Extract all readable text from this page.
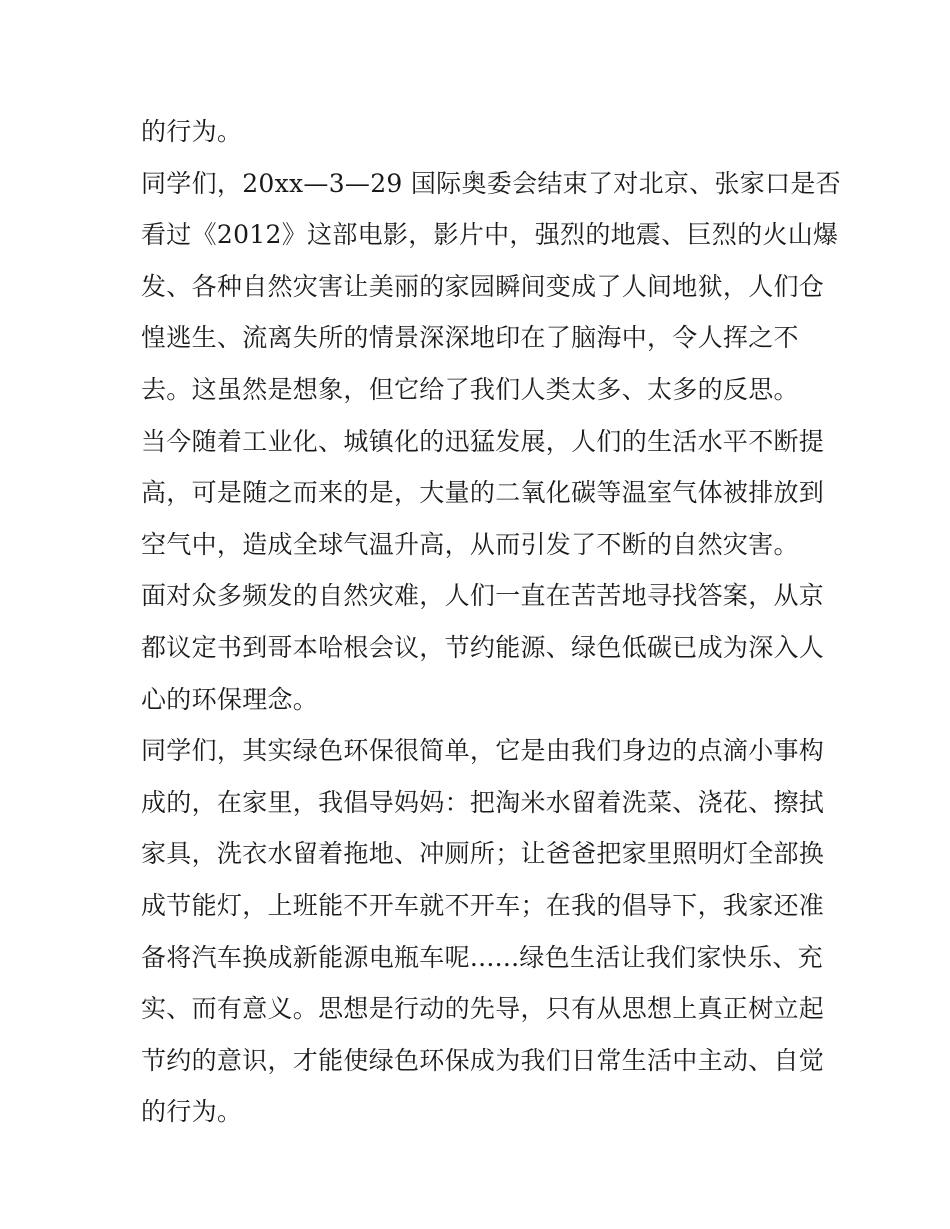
的行为。
同学们，20xx—3—29 国际奥委会结束了对北京、张家口是否
看过《2012》这部电影，影片中，强烈的地震、巨烈的火山爆
发、各种自然灾害让美丽的家园瞬间变成了人间地狱，人们仓
惶逃生、流离失所的情景深深地印在了脑海中，令人挥之不
去。这虽然是想象，但它给了我们人类太多、太多的反思。
当今随着工业化、城镇化的迅猛发展，人们的生活水平不断提
高，可是随之而来的是，大量的二氧化碳等温室气体被排放到
空气中，造成全球气温升高，从而引发了不断的自然灾害。
面对众多频发的自然灾难，人们一直在苦苦地寻找答案，从京
都议定书到哥本哈根会议，节约能源、绿色低碳已成为深入人
心的环保理念。
同学们，其实绿色环保很简单，它是由我们身边的点滴小事构
成的，在家里，我倡导妈妈：把淘米水留着洗菜、浇花、擦拭
家具，洗衣水留着拖地、冲厕所；让爸爸把家里照明灯全部换
成节能灯，上班能不开车就不开车；在我的倡导下，我家还准
备将汽车换成新能源电瓶车呢......绿色生活让我们家快乐、充
实、而有意义。思想是行动的先导，只有从思想上真正树立起
节约的意识，才能使绿色环保成为我们日常生活中主动、自觉
的行为。
